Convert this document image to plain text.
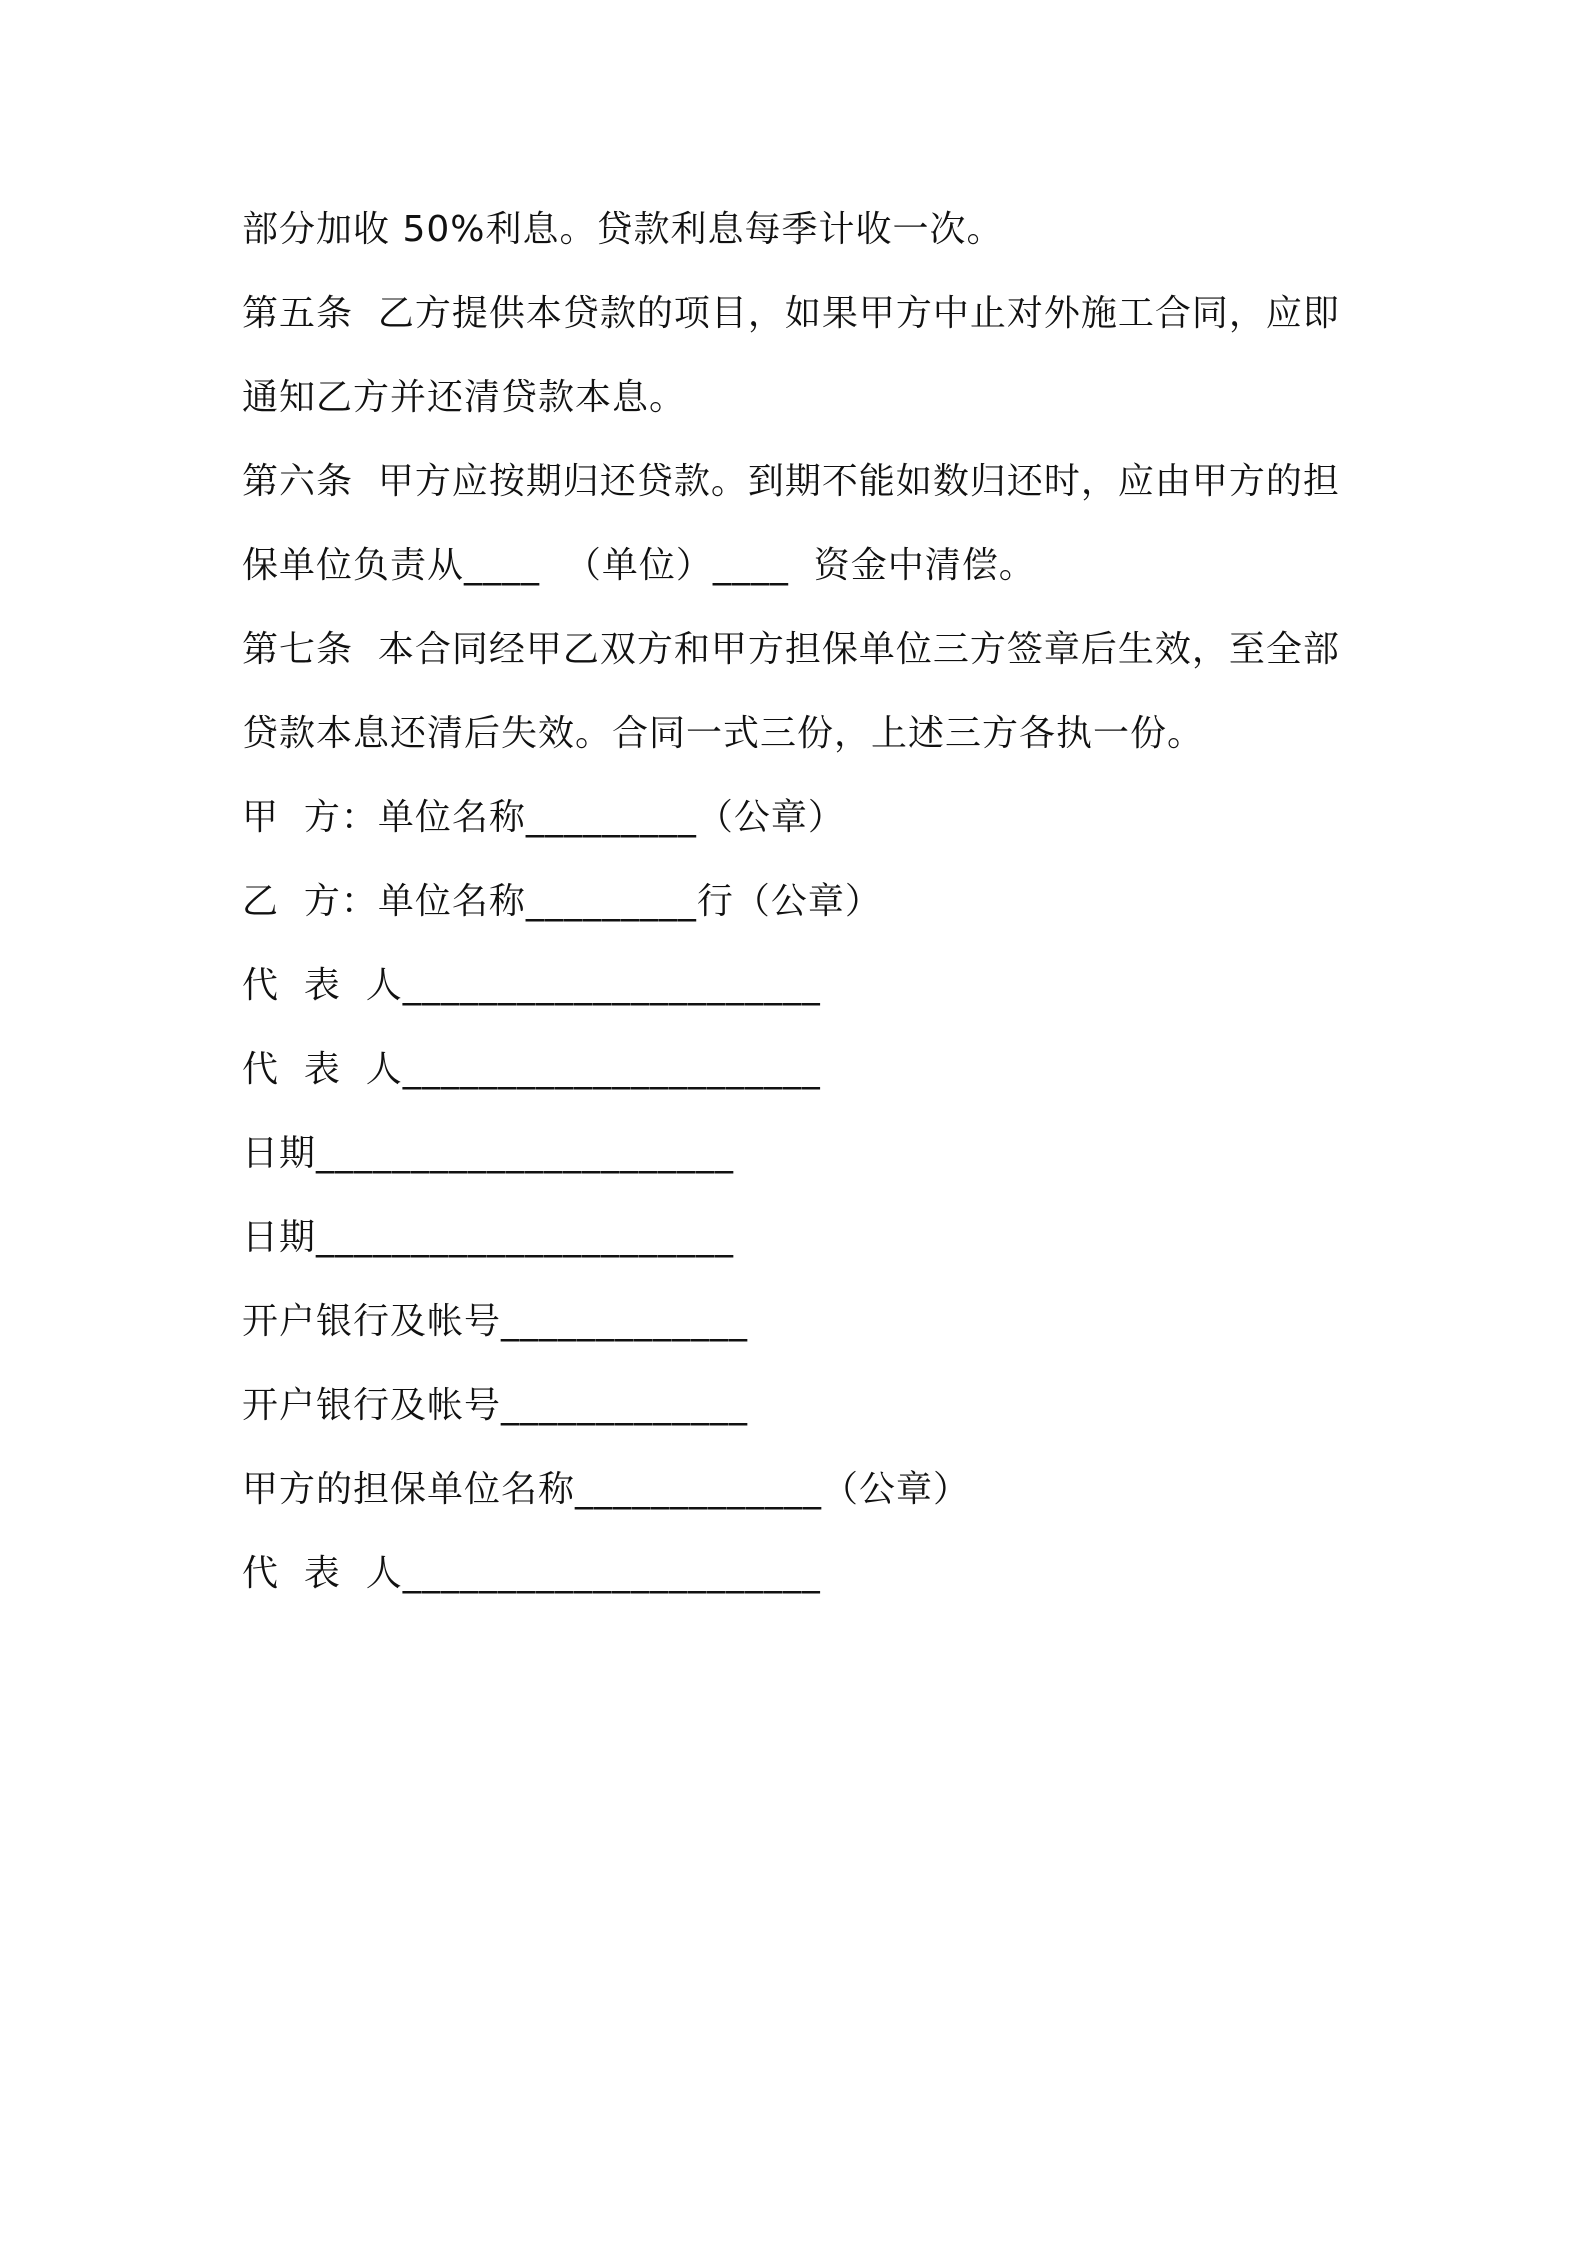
部分加收 50%利息。贷款利息每季计收一次。
第五条  乙方提供本贷款的项目，如果甲方中止对外施工合同，应即
通知乙方并还清贷款本息。
第六条  甲方应按期归还贷款。到期不能如数归还时，应由甲方的担
保单位负责从____  （单位）____  资金中清偿。
第七条  本合同经甲乙双方和甲方担保单位三方签章后生效，至全部
贷款本息还清后失效。合同一式三份，上述三方各执一份。
甲  方：单位名称_________（公章）
乙  方：单位名称_________行（公章）
代  表  人______________________
代  表  人______________________
日期______________________
日期______________________
开户银行及帐号_____________
开户银行及帐号_____________
甲方的担保单位名称_____________（公章）
代  表  人______________________
